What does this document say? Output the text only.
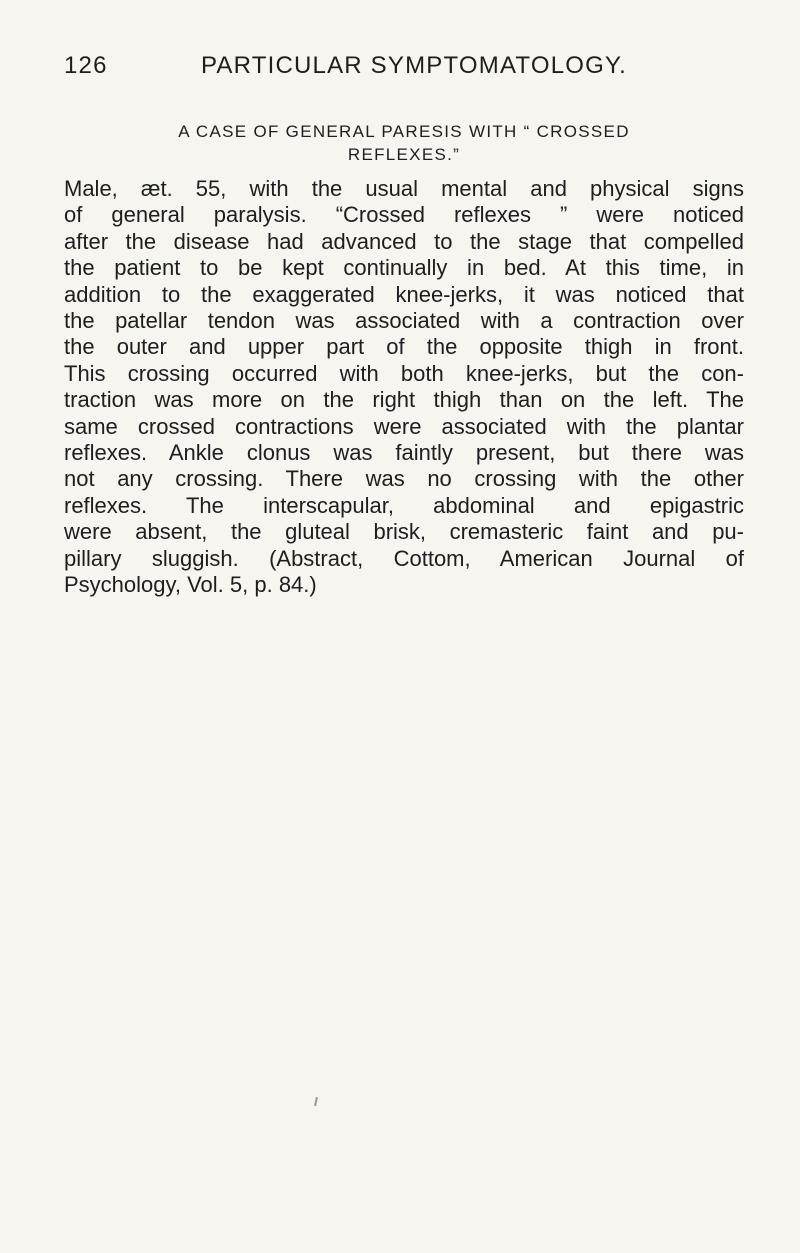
126	PARTICULAR SYMPTOMATOLOGY.
A CASE OF GENERAL PARESIS WITH “ CROSSED
REFLEXES.”
Male, æt. 55, with the usual mental and physical signs
of general paralysis. “Crossed reflexes ” were noticed
after the disease had advanced to the stage that compelled
the patient to be kept continually in bed. At this time, in
addition to the exaggerated knee-jerks, it was noticed that
the patellar tendon was associated with a contraction over
the outer and upper part of the opposite thigh in front.
This crossing occurred with both knee-jerks, but the con-
traction was more on the right thigh than on the left. The
same crossed contractions were associated with the plantar
reflexes. Ankle clonus was faintly present, but there was
not any crossing. There was no crossing with the other
reflexes. The interscapular, abdominal and epigastric
were absent, the gluteal brisk, cremasteric faint and pu-
pillary sluggish. (Abstract, Cottom, American Journal of
Psychology, Vol. 5, p. 84.)
